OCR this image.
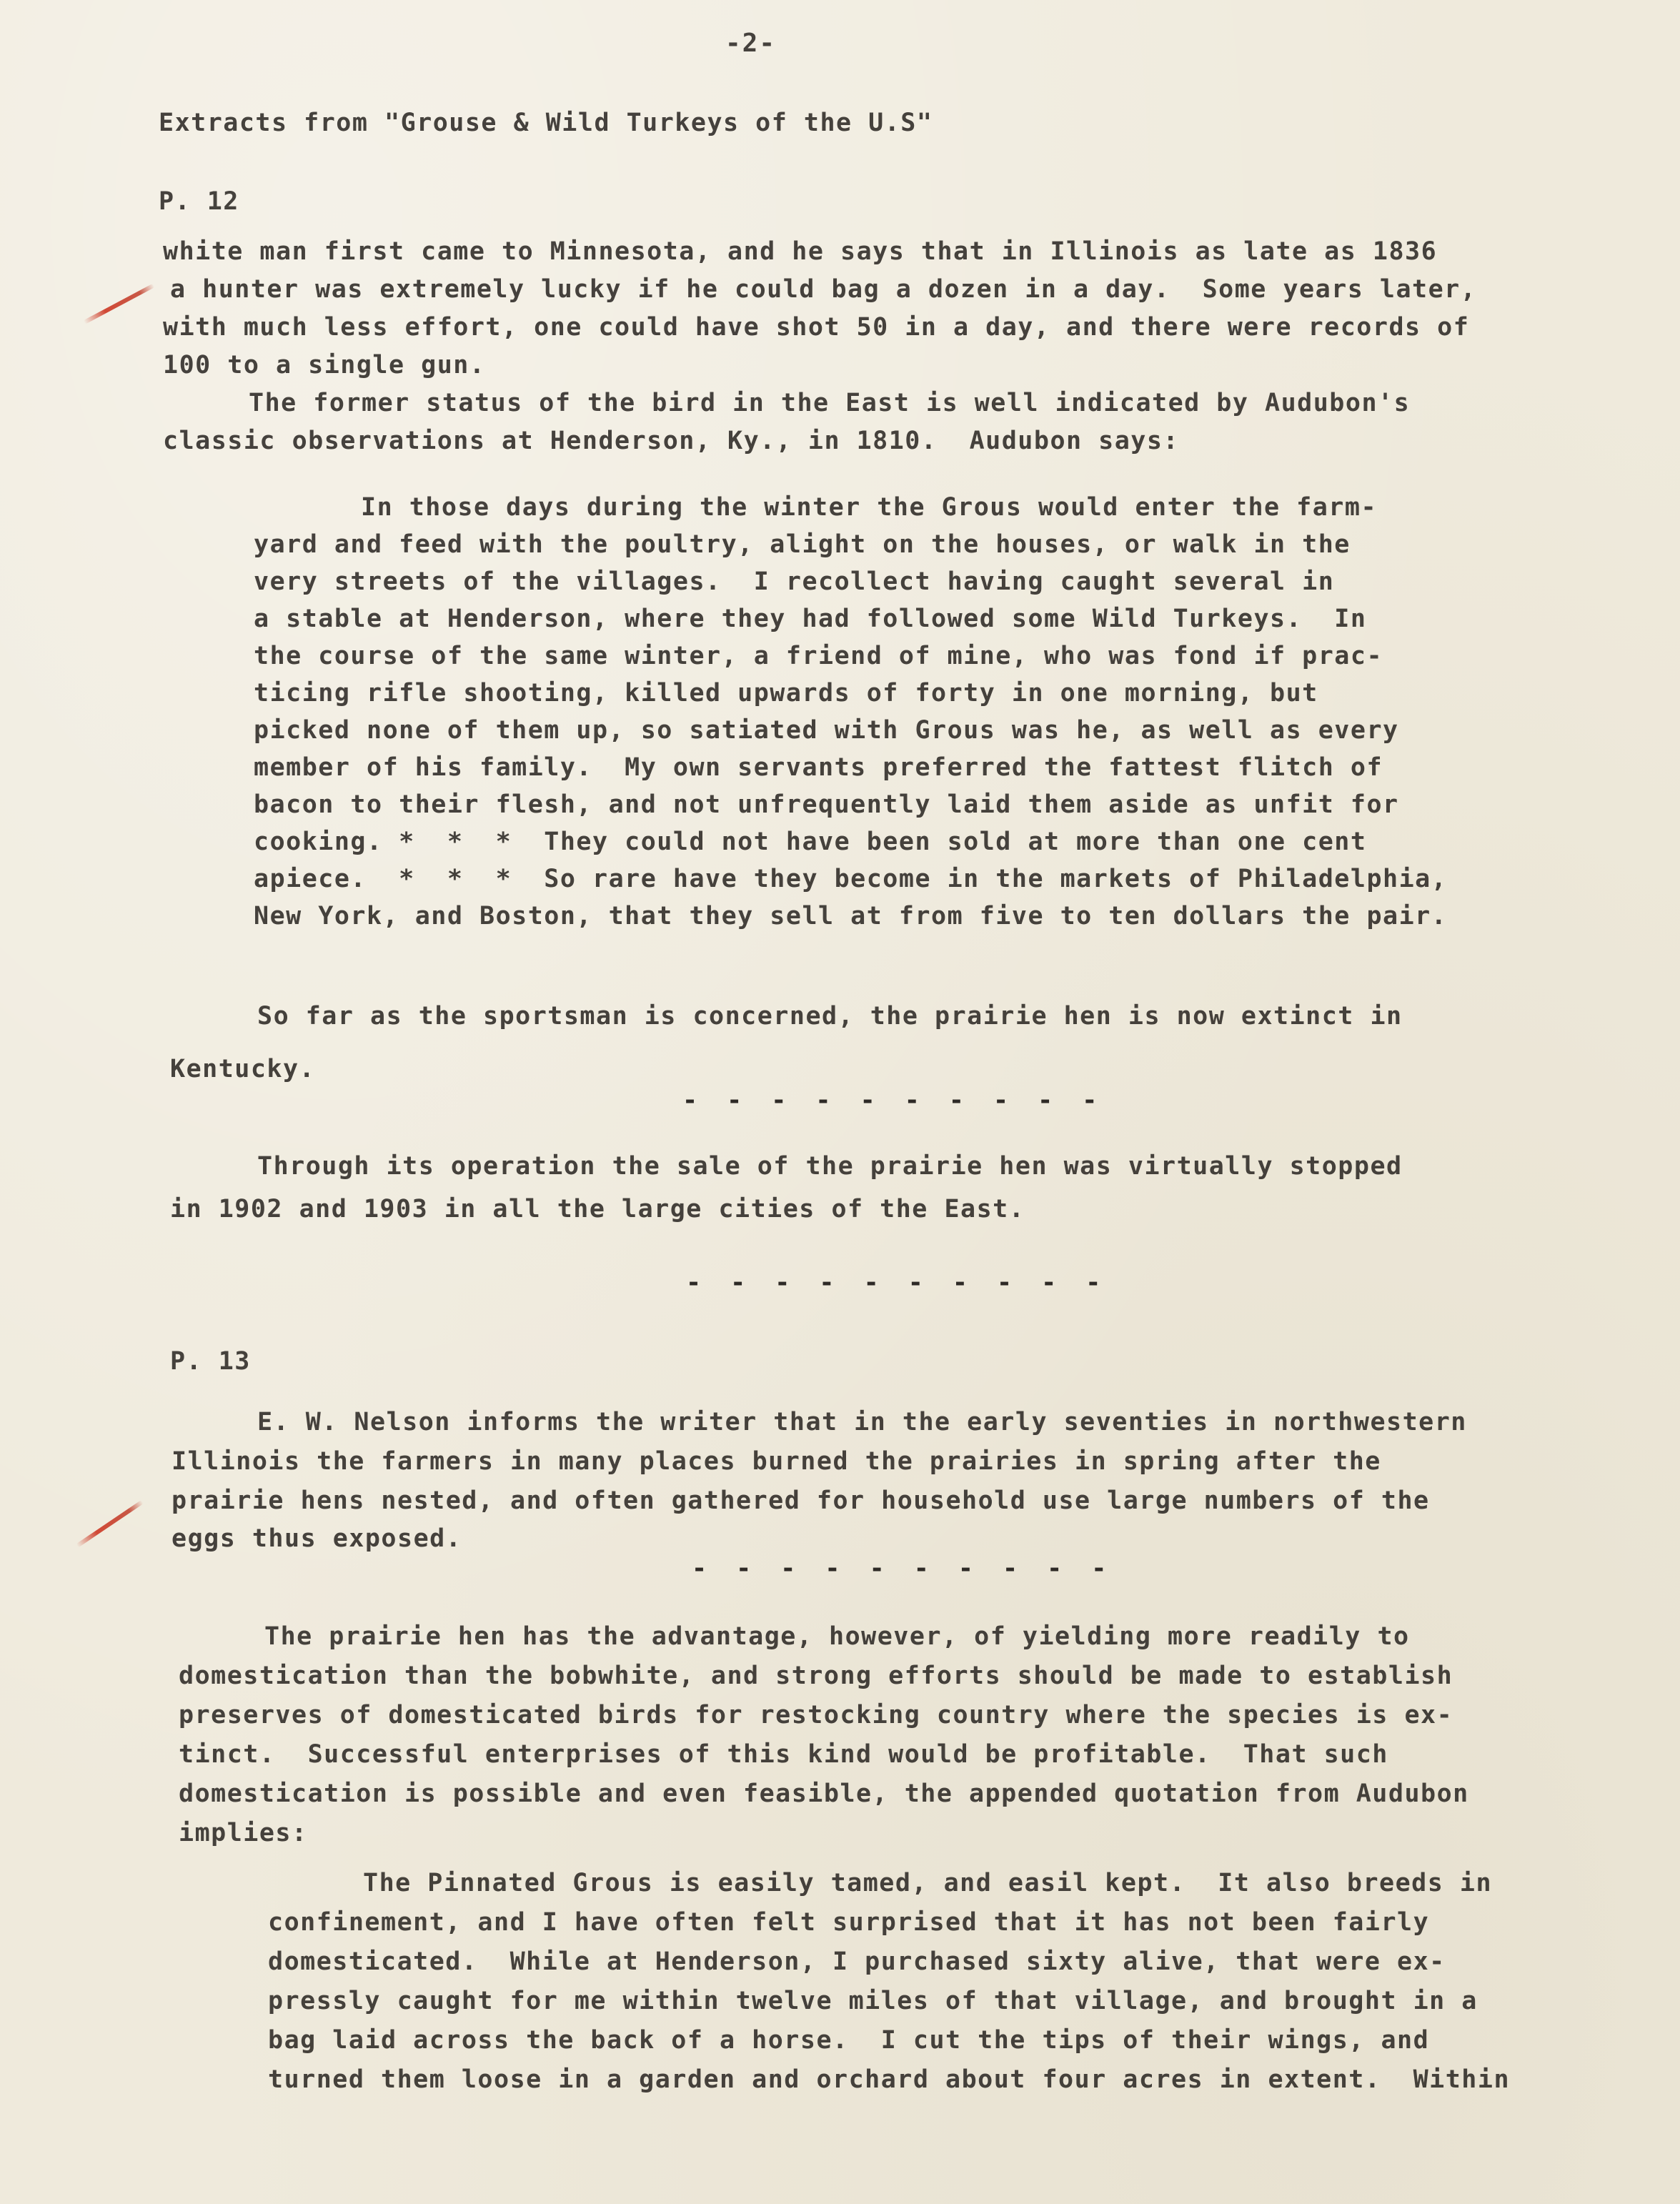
-2-
Extracts from "Grouse & Wild Turkeys of the U.S"
P. 12
white man first came to Minnesota, and he says that in Illinois as late as 1836
a hunter was extremely lucky if he could bag a dozen in a day.  Some years later,
with much less effort, one could have shot 50 in a day, and there were records of
100 to a single gun.
The former status of the bird in the East is well indicated by Audubon's
classic observations at Henderson, Ky., in 1810.  Audubon says:
In those days during the winter the Grous would enter the farm-
yard and feed with the poultry, alight on the houses, or walk in the
very streets of the villages.  I recollect having caught several in
a stable at Henderson, where they had followed some Wild Turkeys.  In
the course of the same winter, a friend of mine, who was fond if prac-
ticing rifle shooting, killed upwards of forty in one morning, but
picked none of them up, so satiated with Grous was he, as well as every
member of his family.  My own servants preferred the fattest flitch of
bacon to their flesh, and not unfrequently laid them aside as unfit for
cooking. *  *  *  They could not have been sold at more than one cent
apiece.  *  *  *  So rare have they become in the markets of Philadelphia,
New York, and Boston, that they sell at from five to ten dollars the pair.
So far as the sportsman is concerned, the prairie hen is now extinct in
Kentucky.
- - - - - - - - - -
Through its operation the sale of the prairie hen was virtually stopped
in 1902 and 1903 in all the large cities of the East.
- - - - - - - - - -
P. 13
E. W. Nelson informs the writer that in the early seventies in northwestern
Illinois the farmers in many places burned the prairies in spring after the
prairie hens nested, and often gathered for household use large numbers of the
eggs thus exposed.
- - - - - - - - - -
The prairie hen has the advantage, however, of yielding more readily to
domestication than the bobwhite, and strong efforts should be made to establish
preserves of domesticated birds for restocking country where the species is ex-
tinct.  Successful enterprises of this kind would be profitable.  That such
domestication is possible and even feasible, the appended quotation from Audubon
implies:
The Pinnated Grous is easily tamed, and easil kept.  It also breeds in
confinement, and I have often felt surprised that it has not been fairly
domesticated.  While at Henderson, I purchased sixty alive, that were ex-
pressly caught for me within twelve miles of that village, and brought in a
bag laid across the back of a horse.  I cut the tips of their wings, and
turned them loose in a garden and orchard about four acres in extent.  Within
